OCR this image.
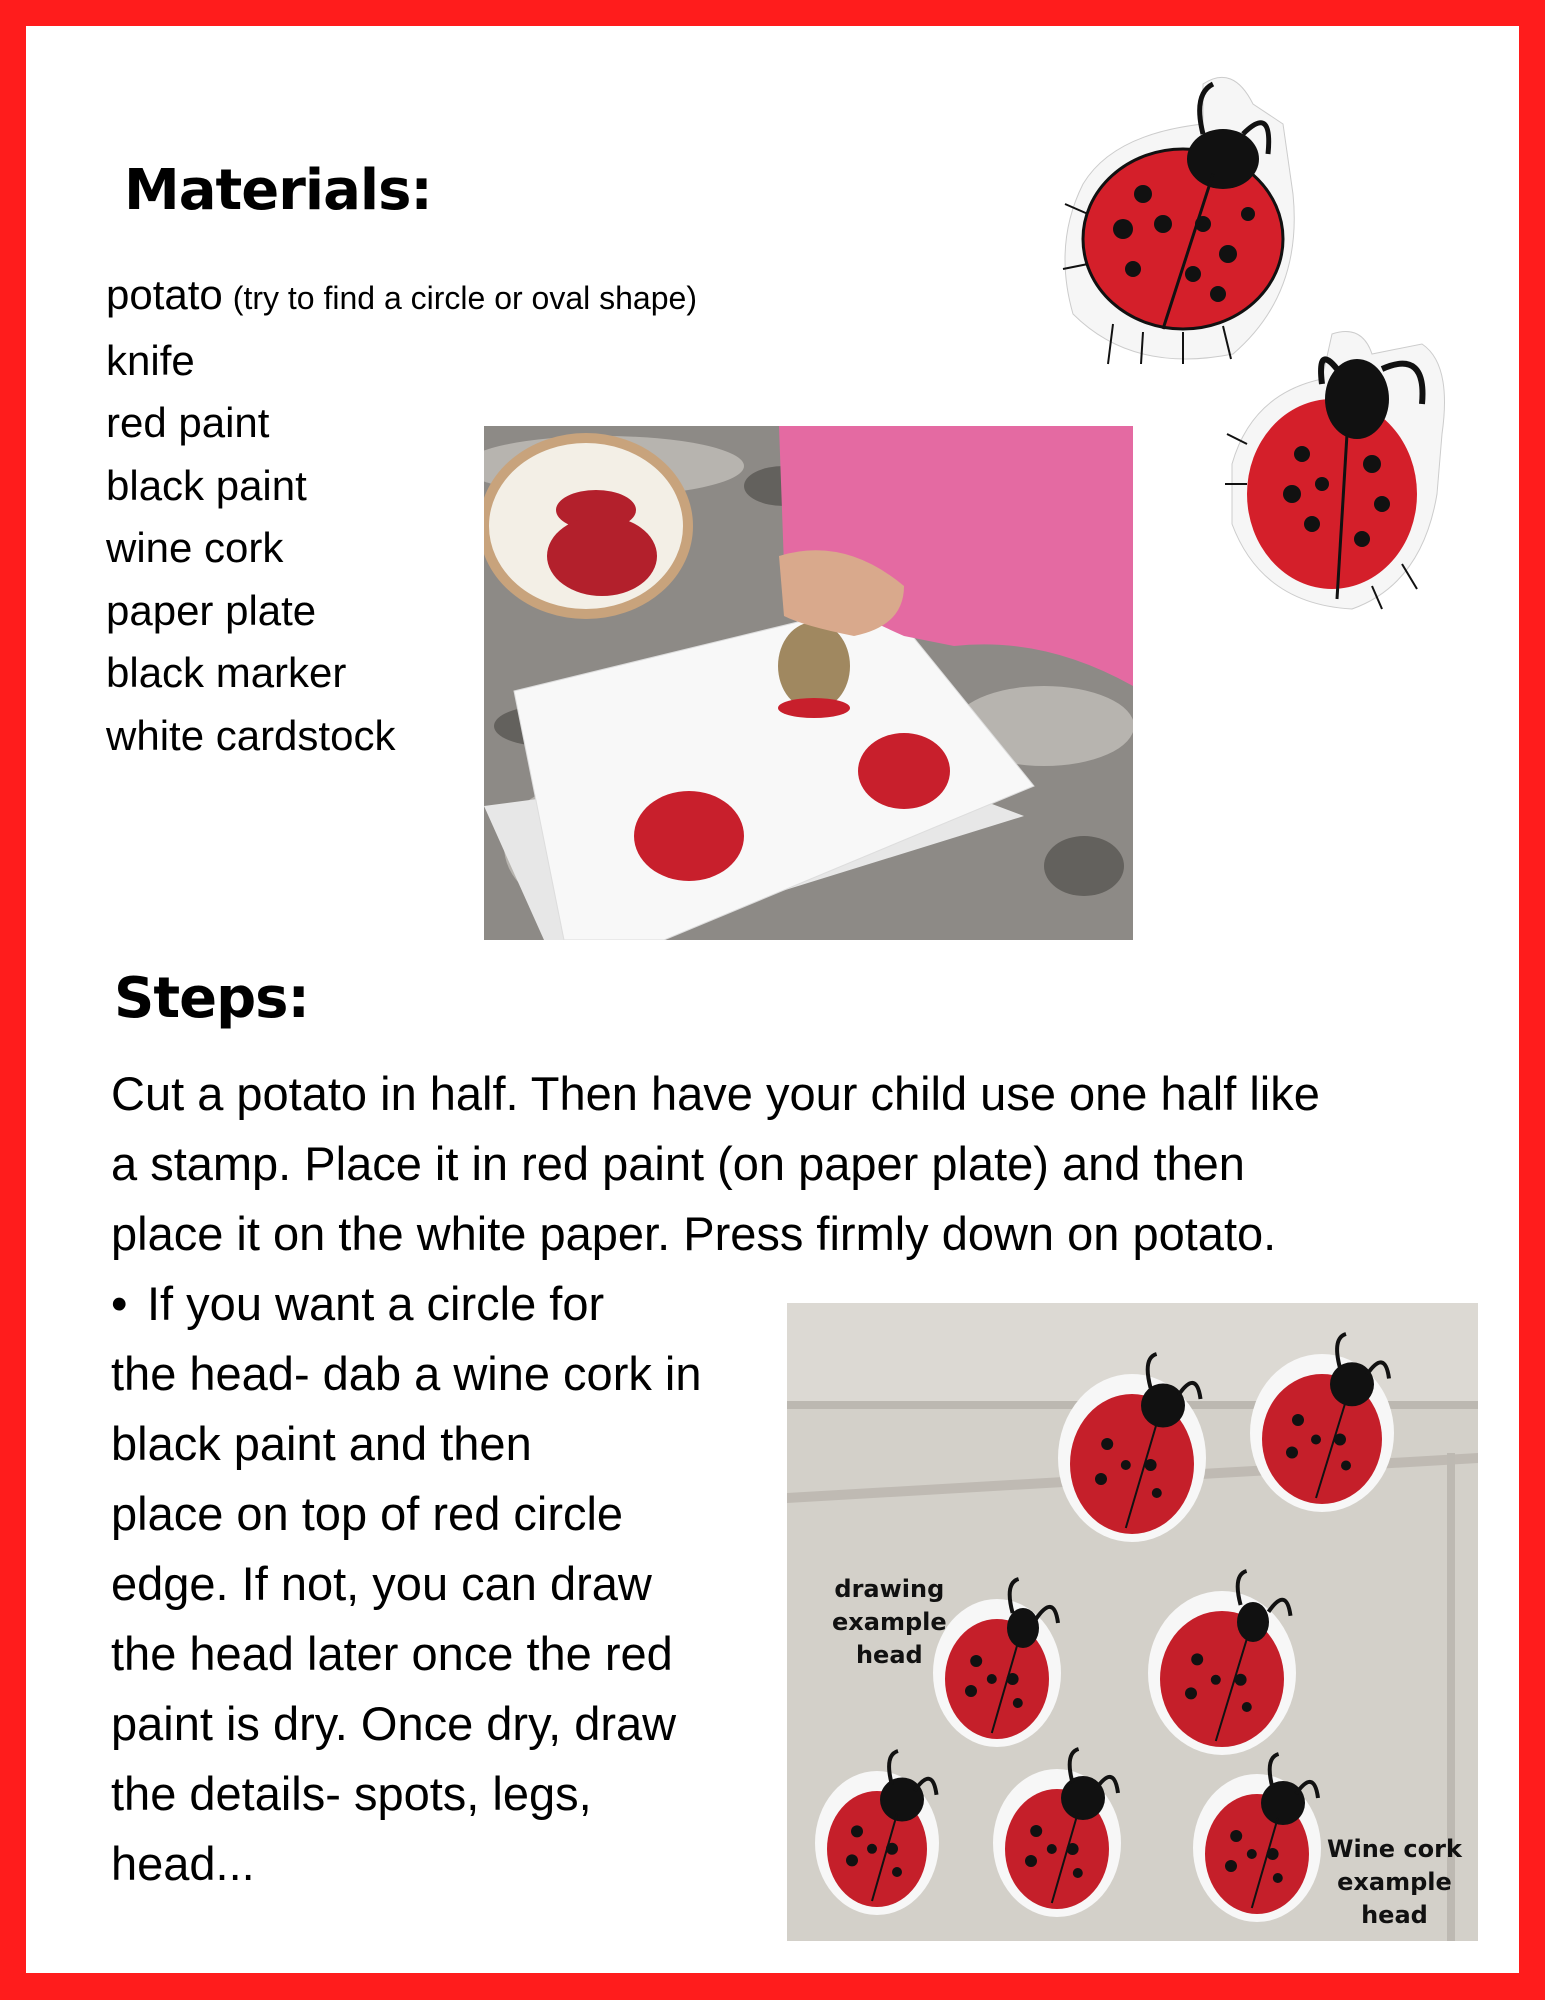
Materials:
potato (try to find a circle or oval shape)
knife
red paint
black paint
wine cork
paper plate
black marker
white cardstock
Steps:
Cut a potato in half. Then have your child use one half like
a stamp. Place it in red paint (on paper plate) and then
place it on the white paper. Press firmly down on potato.
• If you want a circle for
the head- dab a wine cork in
black paint and then
place on top of red circle
edge. If not, you can draw
the head later once the red
paint is dry. Once dry, draw
the details- spots, legs,
head...
drawing
example
head
Wine cork
example
head
